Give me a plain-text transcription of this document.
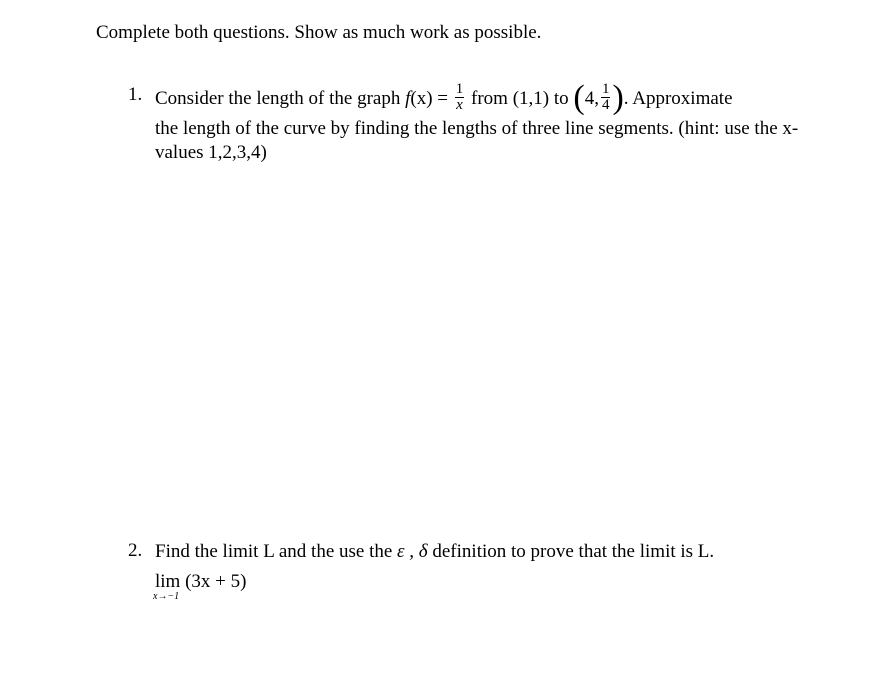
Complete both questions. Show as much work as possible.

1. Consider the length of the graph $f(x) = \frac{1}{x}$ from (1,1) to (4, $\frac{1}{4}$ ). Approximate
the length of the curve by finding the lengths of three line segments. (hint: use the x-values 1,2,3,4)
2. Find the limit L and the use the ε , δ definition to prove that the limit is L.
lim
x→−1
(3x + 5)
